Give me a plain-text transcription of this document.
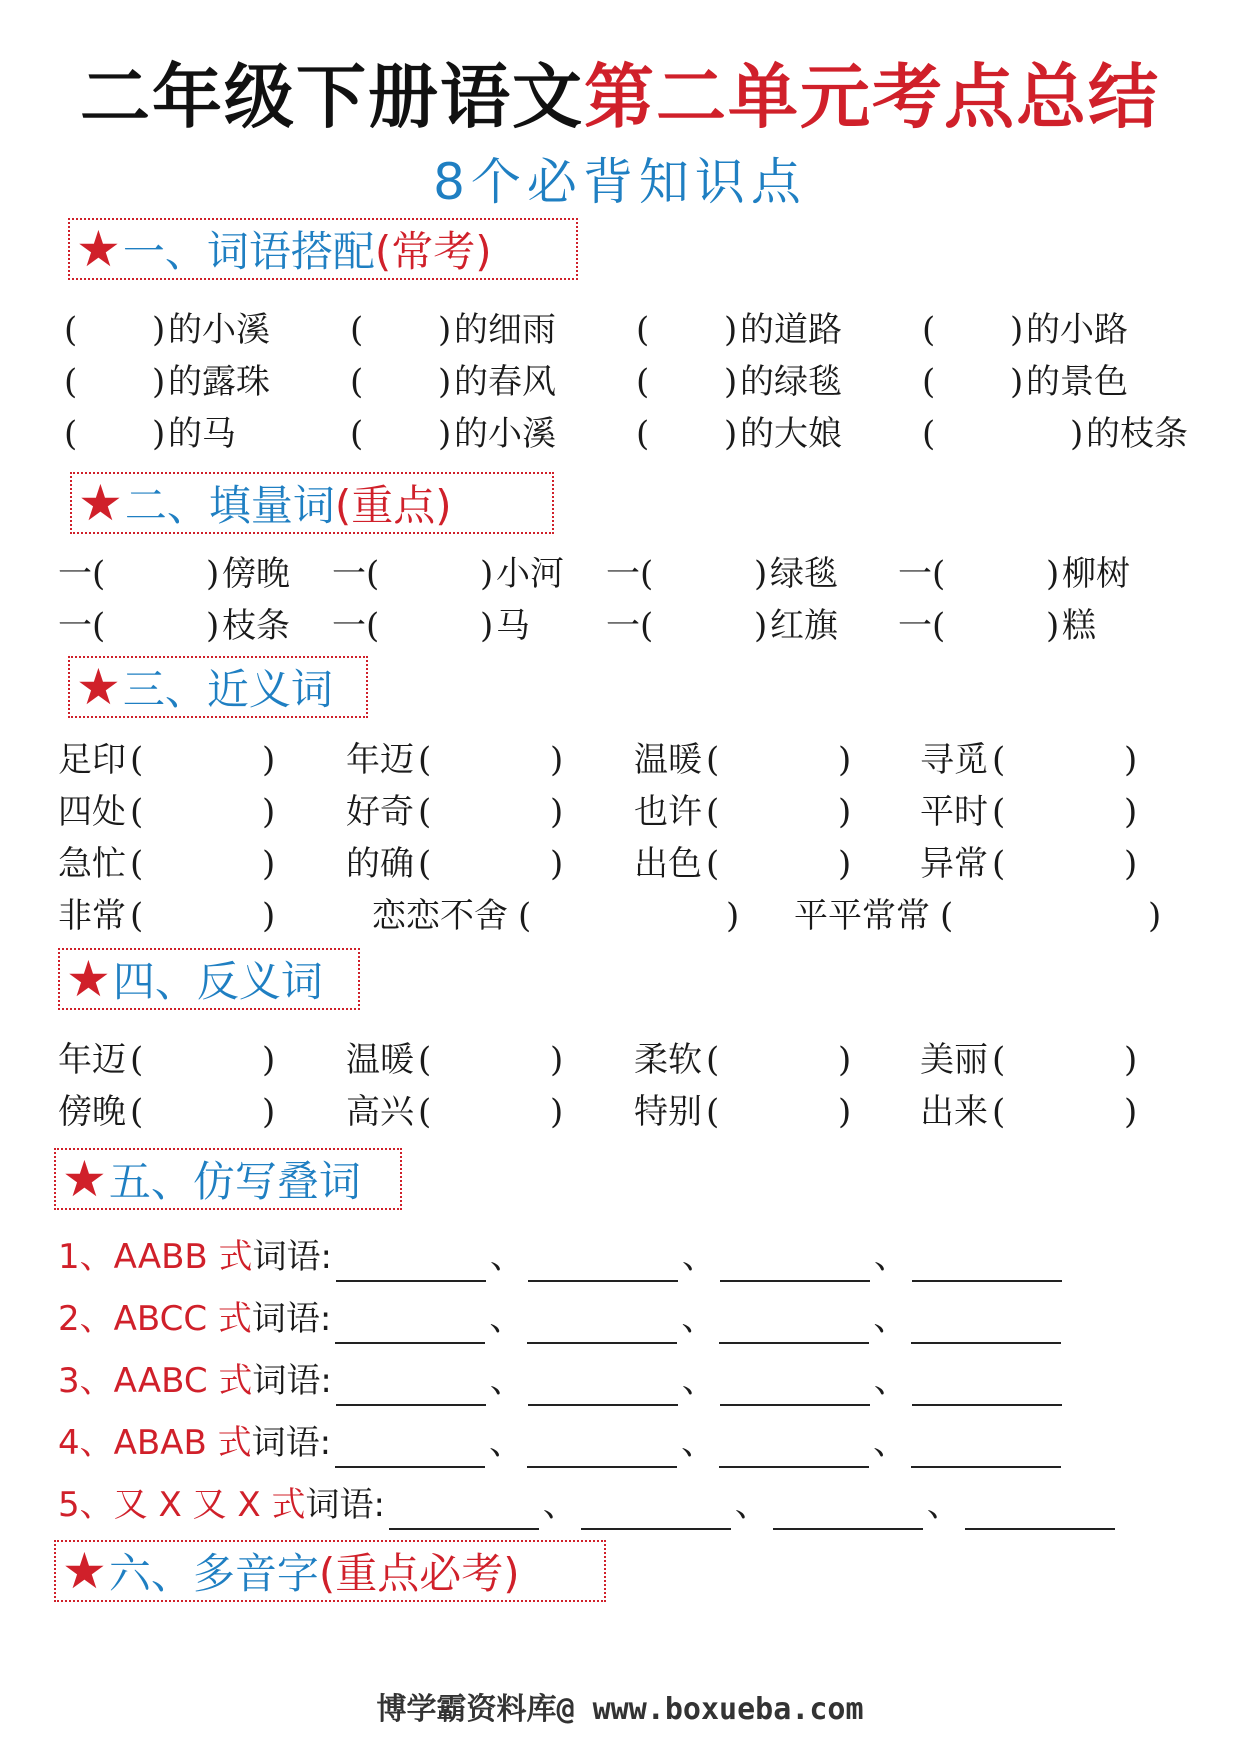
二年级下册语文第二单元考点总结
8个必背知识点
★ 一、词语搭配 (常考)
( ) 的小溪 ( ) 的细雨 ( ) 的道路 ( ) 的小路
( ) 的露珠 ( ) 的春风 ( ) 的绿毯 ( ) 的景色
( ) 的马	( ) 的小溪 ( ) 的大娘 (	) 的枝条
★ 二、填量词 (重点)
一(	) 傍晚 一(	) 小河 一(	) 绿毯 一(	) 柳树
一(	) 枝条 一(	) 马 一(	) 红旗 一(	) 糕
★ 三、近义词
足印 (	) 年迈 (	) 温暖 (	) 寻觅 (	)
四处 (	) 好奇 (	) 也许 (	) 平时 (	)
急忙 (	) 的确 (	) 出色 (	) 异常 (	)
非常 (	)	恋恋不舍 (	) 平平常常 (	)
★ 四、反义词
年迈 (	) 温暖 (	) 柔软 (	) 美丽 (	)
傍晚 (	) 高兴 (	) 特别 (	) 出来 (	)
★ 五、仿写叠词
1、AABB 式词语:	、	、	、
2、ABCC 式词语:	、	、	、
3、AABC 式词语:	、	、	、
4、ABAB 式词语:	、	、	、
5、又 X 又 X 式词语:	、	、	、
★ 六、多音字 (重点必考)
博学霸资料库@ www.boxueba.com
